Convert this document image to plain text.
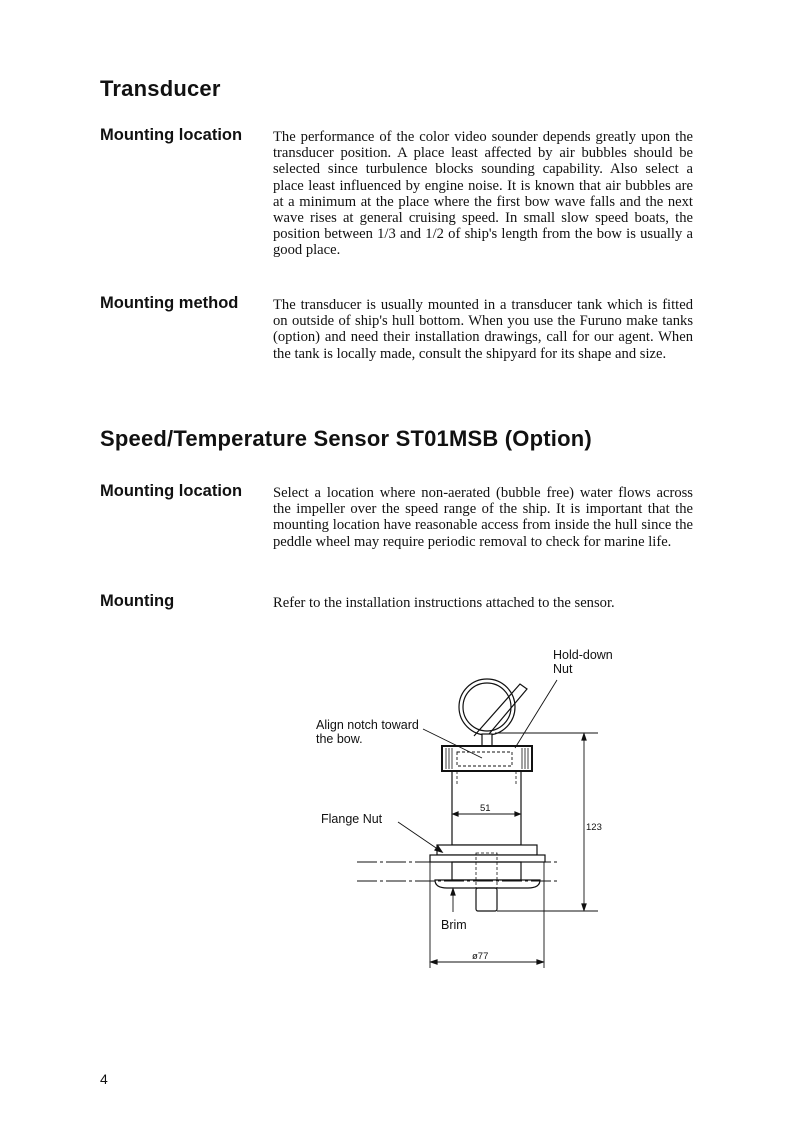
Transducer
Mounting location The performance of the color video sounder depends greatly upon the transducer position. A place least affected by air bubbles should be selected since turbulence blocks sounding capability. Also select a place least influenced by engine noise. It is known that air bubbles are at a minimum at the place where the first bow wave falls and the next wave rises at general cruising speed. In small slow speed boats, the position between 1/3 and 1/2 of ship's length from the bow is usually a good place.
Mounting method The transducer is usually mounted in a transducer tank which is fitted on outside of ship's hull bottom. When you use the Furuno make tanks (option) and need their installation drawings, call for our agent. When the tank is locally made, consult the shipyard for its shape and size.
Speed/Temperature Sensor ST01MSB (Option)
Mounting location Select a location where non-aerated (bubble free) water flows across the impeller over the speed range of the ship. It is important that the mounting location have reasonable access from inside the hull since the peddle wheel may require periodic removal to check for marine life.
Mounting	Refer to the installation instructions attached to the sensor.
Hold-down
Nut
Align notch toward
the bow.
Flange Nut
Brim
51
123
ø77
4
